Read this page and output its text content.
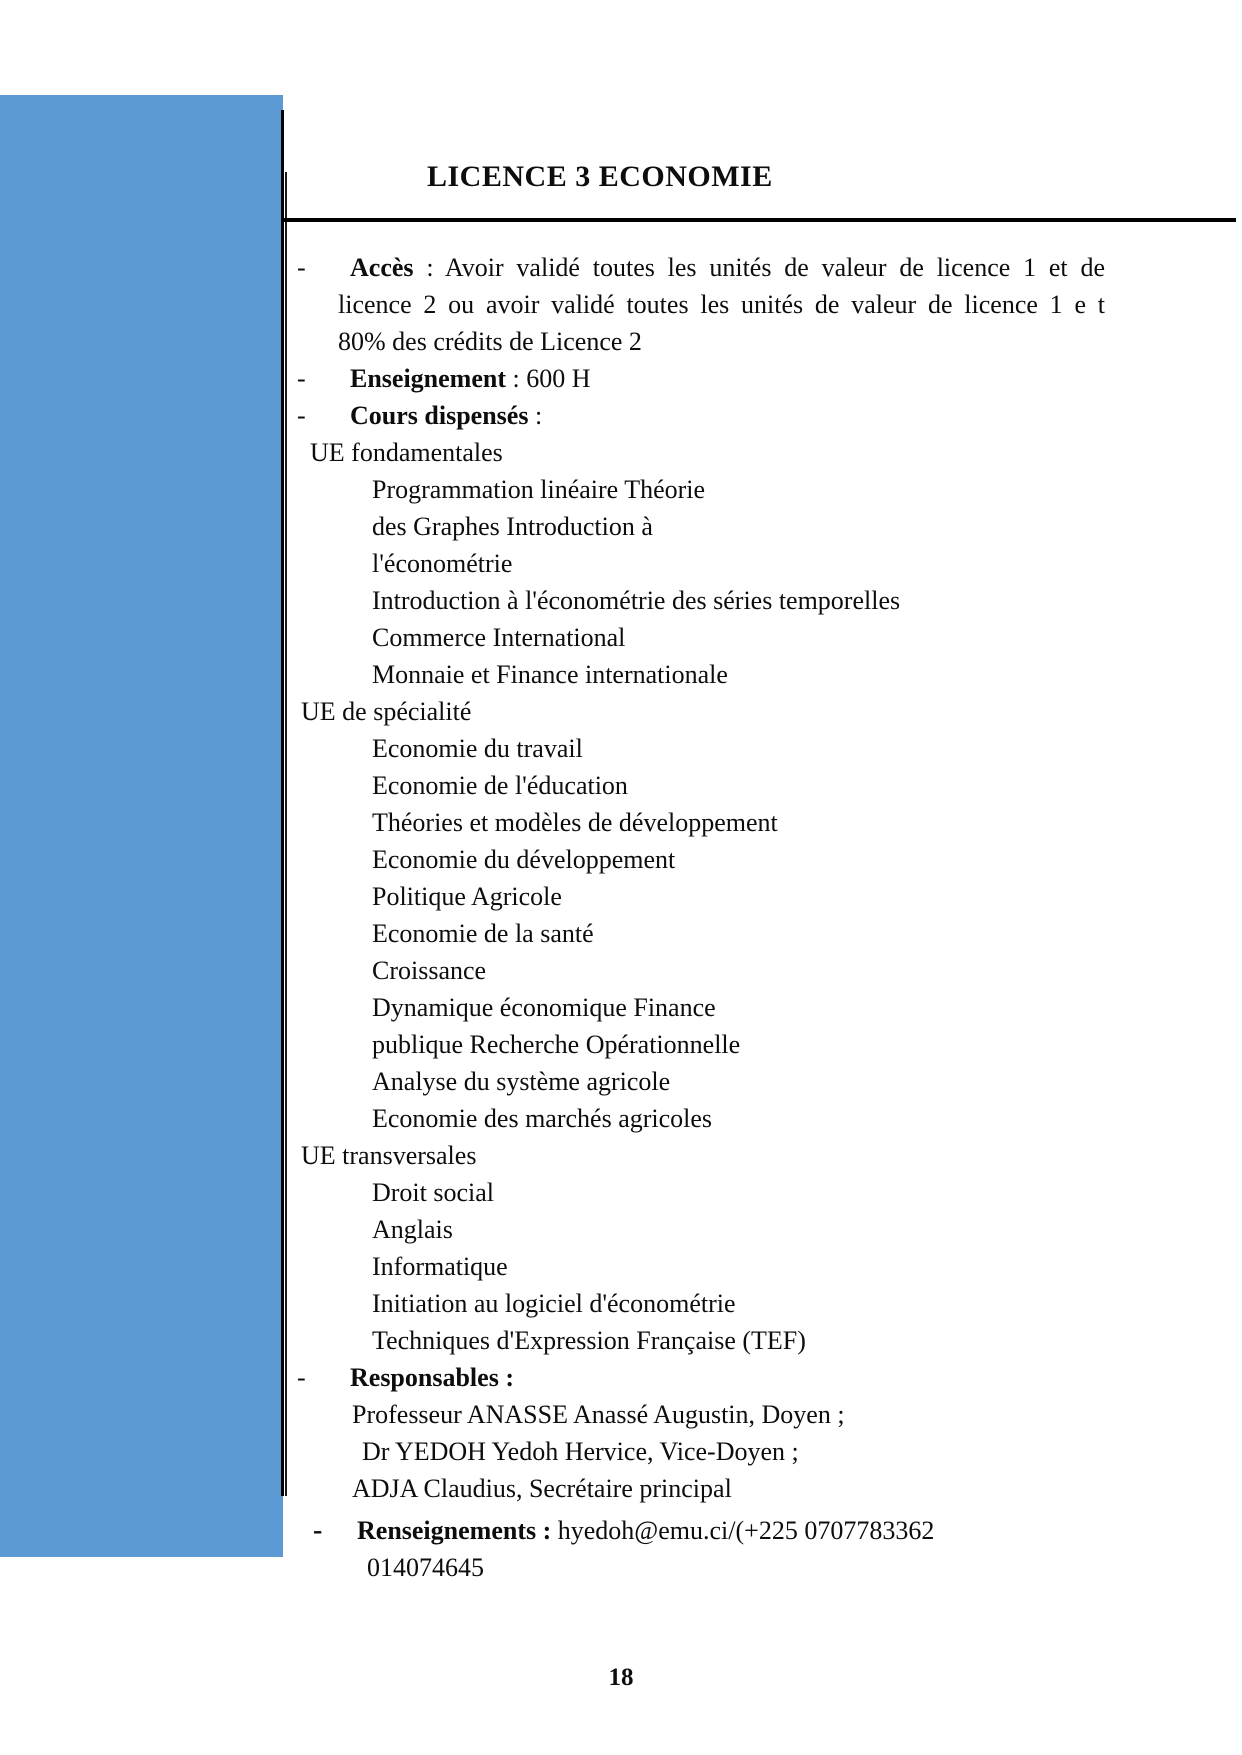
LICENCE 3 ECONOMIE
-	Accès : Avoir validé toutes les unités de valeur de licence 1 et de
licence 2 ou avoir validé toutes les unités de valeur de licence 1 e t
80% des crédits de Licence 2
-	Enseignement : 600 H
-	Cours dispensés :
UE fondamentales
Programmation linéaire Théorie
des Graphes Introduction à
l'économétrie
Introduction à l'économétrie des séries temporelles
Commerce International
Monnaie et Finance internationale
UE de spécialité
Economie du travail
Economie de l'éducation
Théories et modèles de développement
Economie du développement
Politique Agricole
Economie de la santé
Croissance
Dynamique économique Finance
publique Recherche Opérationnelle
Analyse du système agricole
Economie des marchés agricoles
UE transversales
Droit social
Anglais
Informatique
Initiation au logiciel d'économétrie
Techniques d'Expression Française (TEF)
-	Responsables :
Professeur ANASSE Anassé Augustin, Doyen ;
Dr YEDOH Yedoh Hervice, Vice-Doyen ;
ADJA Claudius, Secrétaire principal
-	Renseignements : hyedoh@emu.ci/(+225 0707783362
014074645
18
